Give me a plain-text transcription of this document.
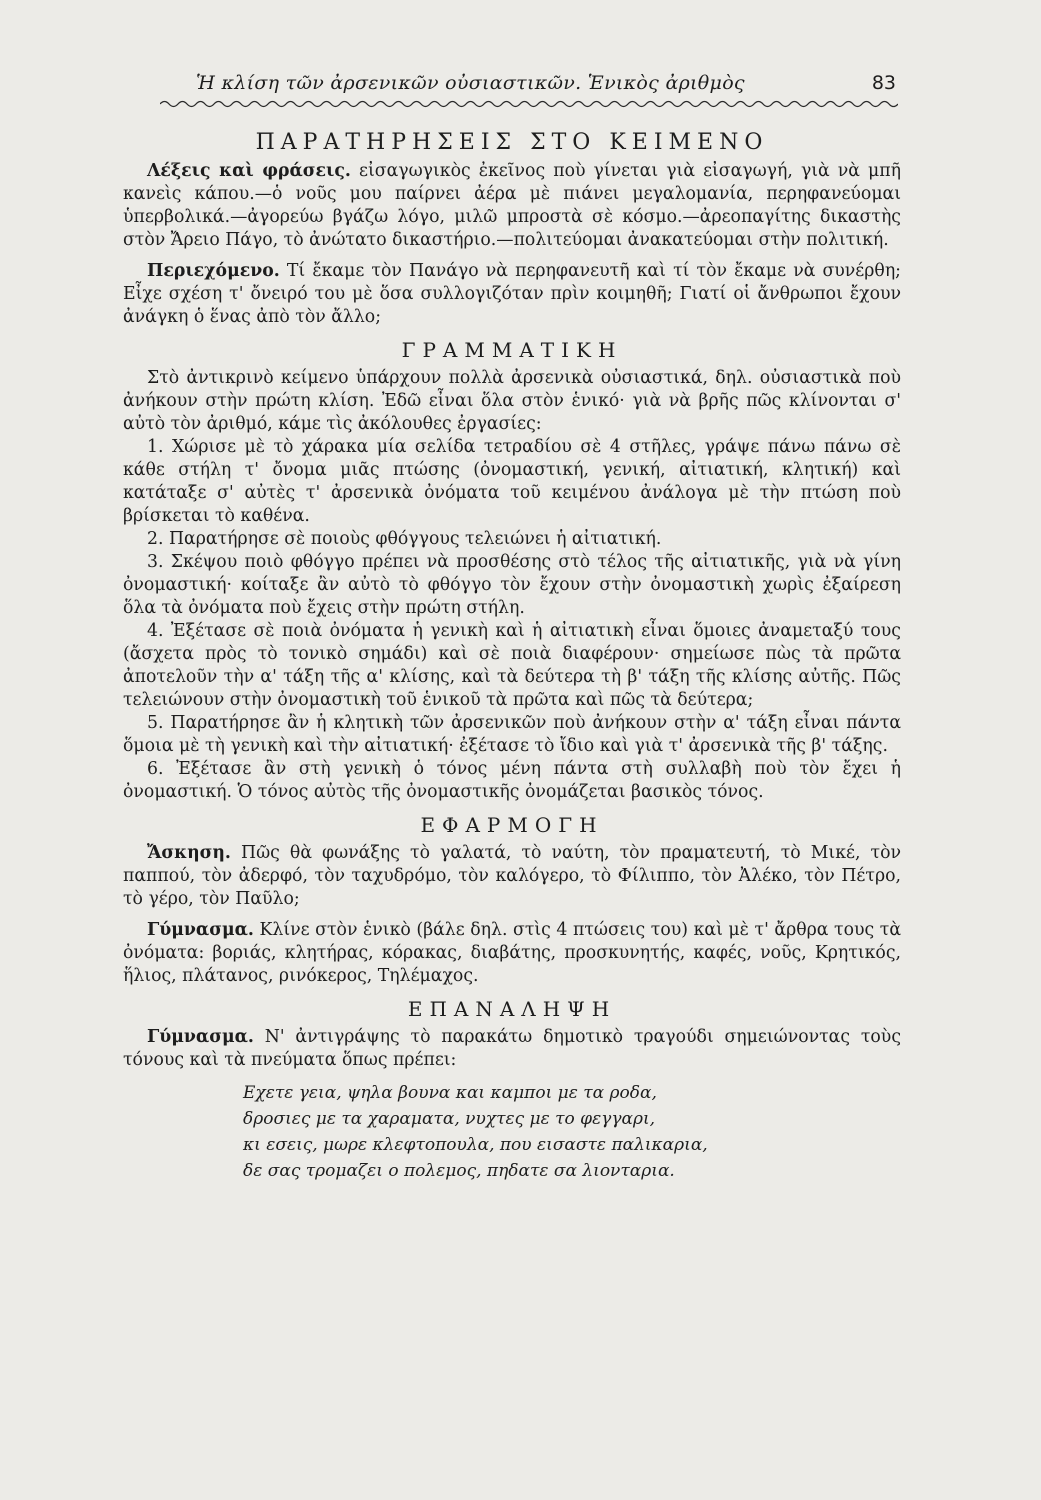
Ἡ κλίση τῶν ἀρσενικῶν οὐσιαστικῶν. Ἑνικὸς ἀριθμὸς	83
ΠΑΡΑΤΗΡΗΣΕΙΣ ΣΤΟ ΚΕΙΜΕΝΟ

Λέξεις καὶ φράσεις. εἰσαγωγικὸς ἐκεῖνος ποὺ γίνεται γιὰ εἰσαγωγή, γιὰ νὰ μπῆ κανεὶς κάπου.—ὁ νοῦς μου παίρνει ἀέρα μὲ πιάνει μεγαλομανία, περηφανεύομαι ὑπερβολικά.—ἀγορεύω βγάζω λόγο, μιλῶ μπροστὰ σὲ κόσμο.—ἀρεοπαγίτης δικαστὴς στὸν Ἄρειο Πάγο, τὸ ἀνώτατο δικαστήριο.—πολιτεύομαι ἀνακατεύομαι στὴν πολιτική.

Περιεχόμενο. Τί ἔκαμε τὸν Πανάγο νὰ περηφανευτῆ καὶ τί τὸν ἔκαμε νὰ συνέρθη; Εἶχε σχέση τ' ὄνειρό του μὲ ὅσα συλλογιζόταν πρὶν κοιμηθῆ; Γιατί οἱ ἄνθρωποι ἔχουν ἀνάγκη ὁ ἕνας ἀπὸ τὸν ἄλλο;

ΓΡΑΜΜΑΤΙΚΗ

Στὸ ἀντικρινὸ κείμενο ὑπάρχουν πολλὰ ἀρσενικὰ οὐσιαστικά, δηλ. οὐσιαστικὰ ποὺ ἀνήκουν στὴν πρώτη κλίση. Ἐδῶ εἶναι ὅλα στὸν ἑνικό· γιὰ νὰ βρῆς πῶς κλίνονται σ' αὐτὸ τὸν ἀριθμό, κάμε τὶς ἀκόλουθες ἐργασίες:

1. Χώρισε μὲ τὸ χάρακα μία σελίδα τετραδίου σὲ 4 στῆλες, γράψε πάνω πάνω σὲ κάθε στήλη τ' ὄνομα μιᾶς πτώσης (ὀνομαστική, γενική, αἰτιατική, κλητική) καὶ κατάταξε σ' αὐτὲς τ' ἀρσενικὰ ὀνόματα τοῦ κειμένου ἀνάλογα μὲ τὴν πτώση ποὺ βρίσκεται τὸ καθένα.

2. Παρατήρησε σὲ ποιοὺς φθόγγους τελειώνει ἡ αἰτιατική.

3. Σκέψου ποιὸ φθόγγο πρέπει νὰ προσθέσης στὸ τέλος τῆς αἰτιατικῆς, γιὰ νὰ γίνη ὀνομαστική· κοίταξε ἂν αὐτὸ τὸ φθόγγο τὸν ἔχουν στὴν ὀνομαστικὴ χωρὶς ἐξαίρεση ὅλα τὰ ὀνόματα ποὺ ἔχεις στὴν πρώτη στήλη.

4. Ἐξέτασε σὲ ποιὰ ὀνόματα ἡ γενικὴ καὶ ἡ αἰτιατικὴ εἶναι ὅμοιες ἀναμεταξύ τους (ἄσχετα πρὸς τὸ τονικὸ σημάδι) καὶ σὲ ποιὰ διαφέρουν· σημείωσε πὼς τὰ πρῶτα ἀποτελοῦν τὴν α' τάξη τῆς α' κλίσης, καὶ τὰ δεύτερα τὴ β' τάξη τῆς κλίσης αὐτῆς. Πῶς τελειώνουν στὴν ὀνομαστικὴ τοῦ ἑνικοῦ τὰ πρῶτα καὶ πῶς τὰ δεύτερα;

5. Παρατήρησε ἂν ἡ κλητικὴ τῶν ἀρσενικῶν ποὺ ἀνήκουν στὴν α' τάξη εἶναι πάντα ὅμοια μὲ τὴ γενικὴ καὶ τὴν αἰτιατική· ἐξέτασε τὸ ἴδιο καὶ γιὰ τ' ἀρσενικὰ τῆς β' τάξης.

6. Ἐξέτασε ἂν στὴ γενικὴ ὁ τόνος μένη πάντα στὴ συλλαβὴ ποὺ τὸν ἔχει ἡ ὀνομαστική. Ὁ τόνος αὐτὸς τῆς ὀνομαστικῆς ὀνομάζεται βασικὸς τόνος.

ΕΦΑΡΜΟΓΗ

Ἄσκηση. Πῶς θὰ φωνάξης τὸ γαλατά, τὸ ναύτη, τὸν πραματευτή, τὸ Μικέ, τὸν παππού, τὸν ἀδερφό, τὸν ταχυδρόμο, τὸν καλόγερο, τὸ Φίλιππο, τὸν Ἀλέκο, τὸν Πέτρο, τὸ γέρο, τὸν Παῦλο;

Γύμνασμα. Κλίνε στὸν ἑνικὸ (βάλε δηλ. στὶς 4 πτώσεις του) καὶ μὲ τ' ἄρθρα τους τὰ ὀνόματα: βοριάς, κλητήρας, κόρακας, διαβάτης, προσκυνητής, καφές, νοῦς, Κρητικός, ἥλιος, πλάτανος, ρινόκερος, Τηλέμαχος.

ΕΠΑΝΑΛΗΨΗ

Γύμνασμα. Ν' ἀντιγράψης τὸ παρακάτω δημοτικὸ τραγούδι σημειώνοντας τοὺς τόνους καὶ τὰ πνεύματα ὅπως πρέπει:

Εχετε γεια, ψηλα βουνα και καμποι με τα ροδα,
δροσιες με τα χαραματα, νυχτες με το φεγγαρι,
κι εσεις, μωρε κλεφτοπουλα, που εισαστε παλικαρια,
δε σας τρομαζει ο πολεμος, πηδατε σα λιονταρια.
